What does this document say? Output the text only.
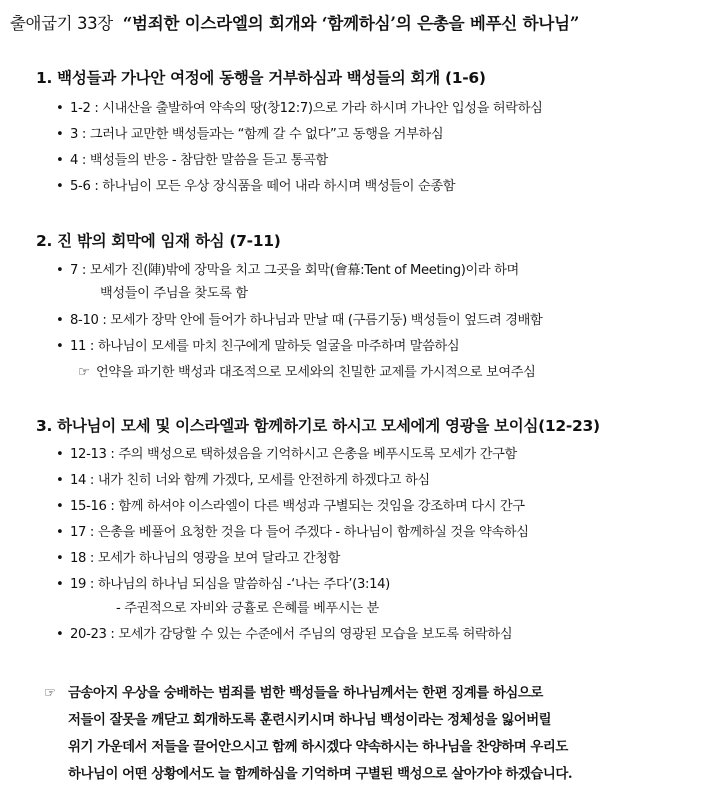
출애굽기 33장 “범죄한 이스라엘의 회개와 ‘함께하심’의 은총을 베푸신 하나님”
1. 백성들과 가나안 여정에 동행을 거부하심과 백성들의 회개 (1-6)
• 1-2 : 시내산을 출발하여 약속의 땅(창12:7)으로 가라 하시며 가나안 입성을 허락하심
• 3 : 그러나 교만한 백성들과는 “함께 갈 수 없다”고 동행을 거부하심
• 4 : 백성들의 반응 - 참담한 말씀을 듣고 통곡함
• 5-6 : 하나님이 모든 우상 장식품을 떼어 내라 하시며 백성들이 순종함
2. 진 밖의 회막에 임재 하심 (7-11)
• 7 : 모세가 진(陣)밖에 장막을 치고 그곳을 회막(會幕:Tent of Meeting)이라 하며
백성들이 주님을 찾도록 함
• 8-10 : 모세가 장막 안에 들어가 하나님과 만날 때 (구름기둥) 백성들이 엎드려 경배함
• 11 : 하나님이 모세를 마치 친구에게 말하듯 얼굴을 마주하며 말씀하심
☞ 언약을 파기한 백성과 대조적으로 모세와의 친밀한 교제를 가시적으로 보여주심
3. 하나님이 모세 및 이스라엘과 함께하기로 하시고 모세에게 영광을 보이심(12-23)
• 12-13 : 주의 백성으로 택하셨음을 기억하시고 은총을 베푸시도록 모세가 간구함
• 14 : 내가 친히 너와 함께 가겠다, 모세를 안전하게 하겠다고 하심
• 15-16 : 함께 하셔야 이스라엘이 다른 백성과 구별되는 것임을 강조하며 다시 간구
• 17 : 은총을 베풀어 요청한 것을 다 들어 주겠다 - 하나님이 함께하실 것을 약속하심
• 18 : 모세가 하나님의 영광을 보여 달라고 간청함
• 19 : 하나님의 하나님 되심을 말씀하심 -‘나는 주다’(3:14)
- 주권적으로 자비와 긍휼로 은혜를 베푸시는 분
• 20-23 : 모세가 감당할 수 있는 수준에서 주님의 영광된 모습을 보도록 허락하심
☞ 금송아지 우상을 숭배하는 범죄를 범한 백성들을 하나님께서는 한편 징계를 하심으로
저들이 잘못을 깨닫고 회개하도록 훈련시키시며 하나님 백성이라는 정체성을 잃어버릴
위기 가운데서 저들을 끌어안으시고 함께 하시겠다 약속하시는 하나님을 찬양하며 우리도
하나님이 어떤 상황에서도 늘 함께하심을 기억하며 구별된 백성으로 살아가야 하겠습니다.
